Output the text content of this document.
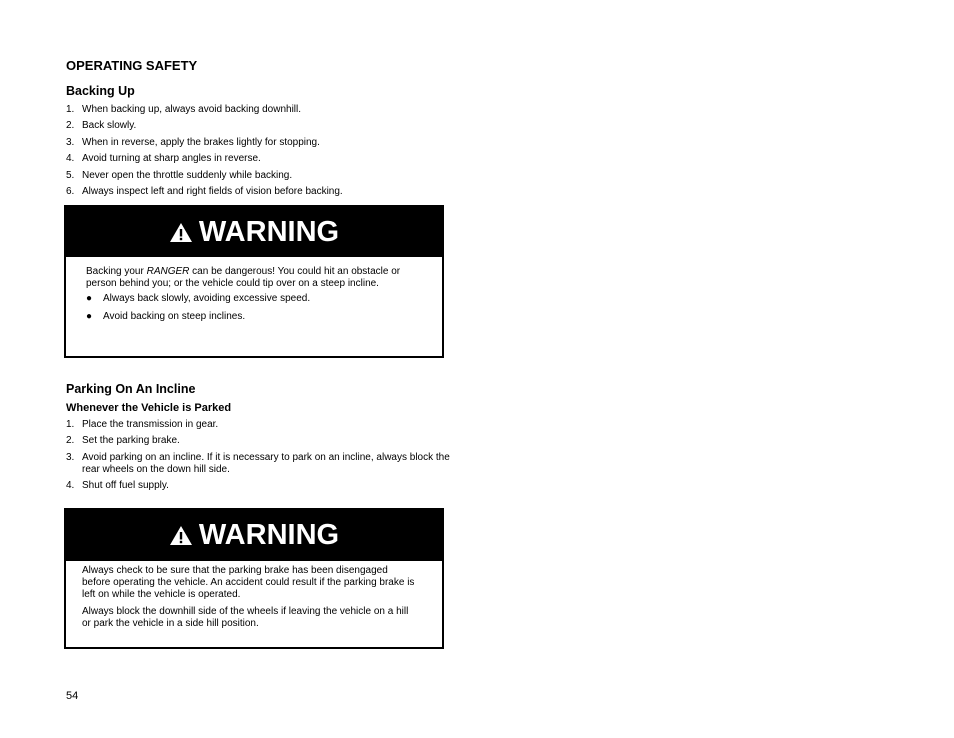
OPERATING SAFETY
Backing Up
1. When backing up, always avoid backing downhill.
2. Back slowly.
3. When in reverse, apply the brakes lightly for stopping.
4. Avoid turning at sharp angles in reverse.
5. Never open the throttle suddenly while backing.
6. Always inspect left and right fields of vision before backing.
WARNING

Backing your RANGER can be dangerous! You could hit an obstacle or person behind you; or the vehicle could tip over on a steep incline.

● Always back slowly, avoiding excessive speed.
● Avoid backing on steep inclines.
Parking On An Incline
Whenever the Vehicle is Parked
1. Place the transmission in gear.
2. Set the parking brake.
3. Avoid parking on an incline. If it is necessary to park on an incline, always block the rear wheels on the down hill side.
4. Shut off fuel supply.
WARNING

Always check to be sure that the parking brake has been disengaged before operating the vehicle. An accident could result if the parking brake is left on while the vehicle is operated.

Always block the downhill side of the wheels if leaving the vehicle on a hill or park the vehicle in a side hill position.

54
